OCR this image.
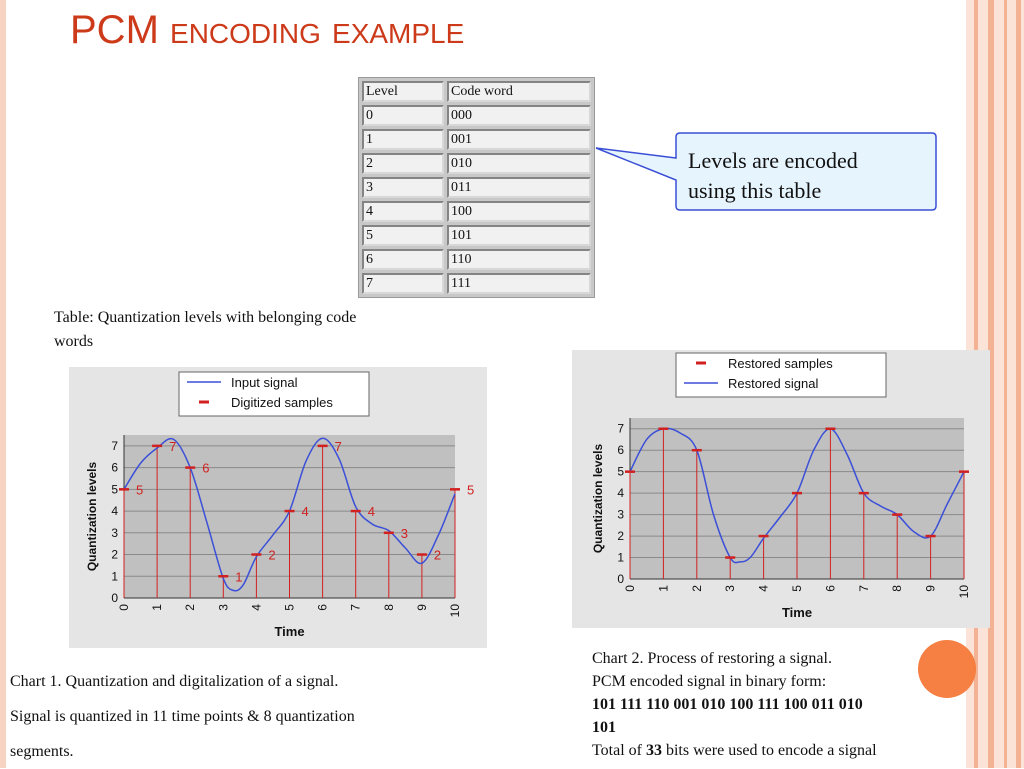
PCM encoding example
Level	Code word
0	000
1	001
2	010
3	011
4	100
5	101
6	110
7	111
Levels are encoded
using this table
Table: Quantization levels with belonging code
words
0
1
2
3
4
5
6
7
0 1 2 3 4 5 6 7 8 9 10
Time
Quantization levels	5
7
6
1
2
4
7
4
3
2
5
Input signal
Digitized samples
0
1
2
3
4
5
6
7
0 1 2 3 4 5 6 7 8 9 10
Time
Quantization levels
Restored samples
Restored signal
Chart 1. Quantization and digitalization of a signal.
Signal is quantized in 11 time points & 8 quantization
segments.
Chart 2. Process of restoring a signal.
PCM encoded signal in binary form:
101 111 110 001 010 100 111 100 011 010
101
Total of 33 bits were used to encode a signal
